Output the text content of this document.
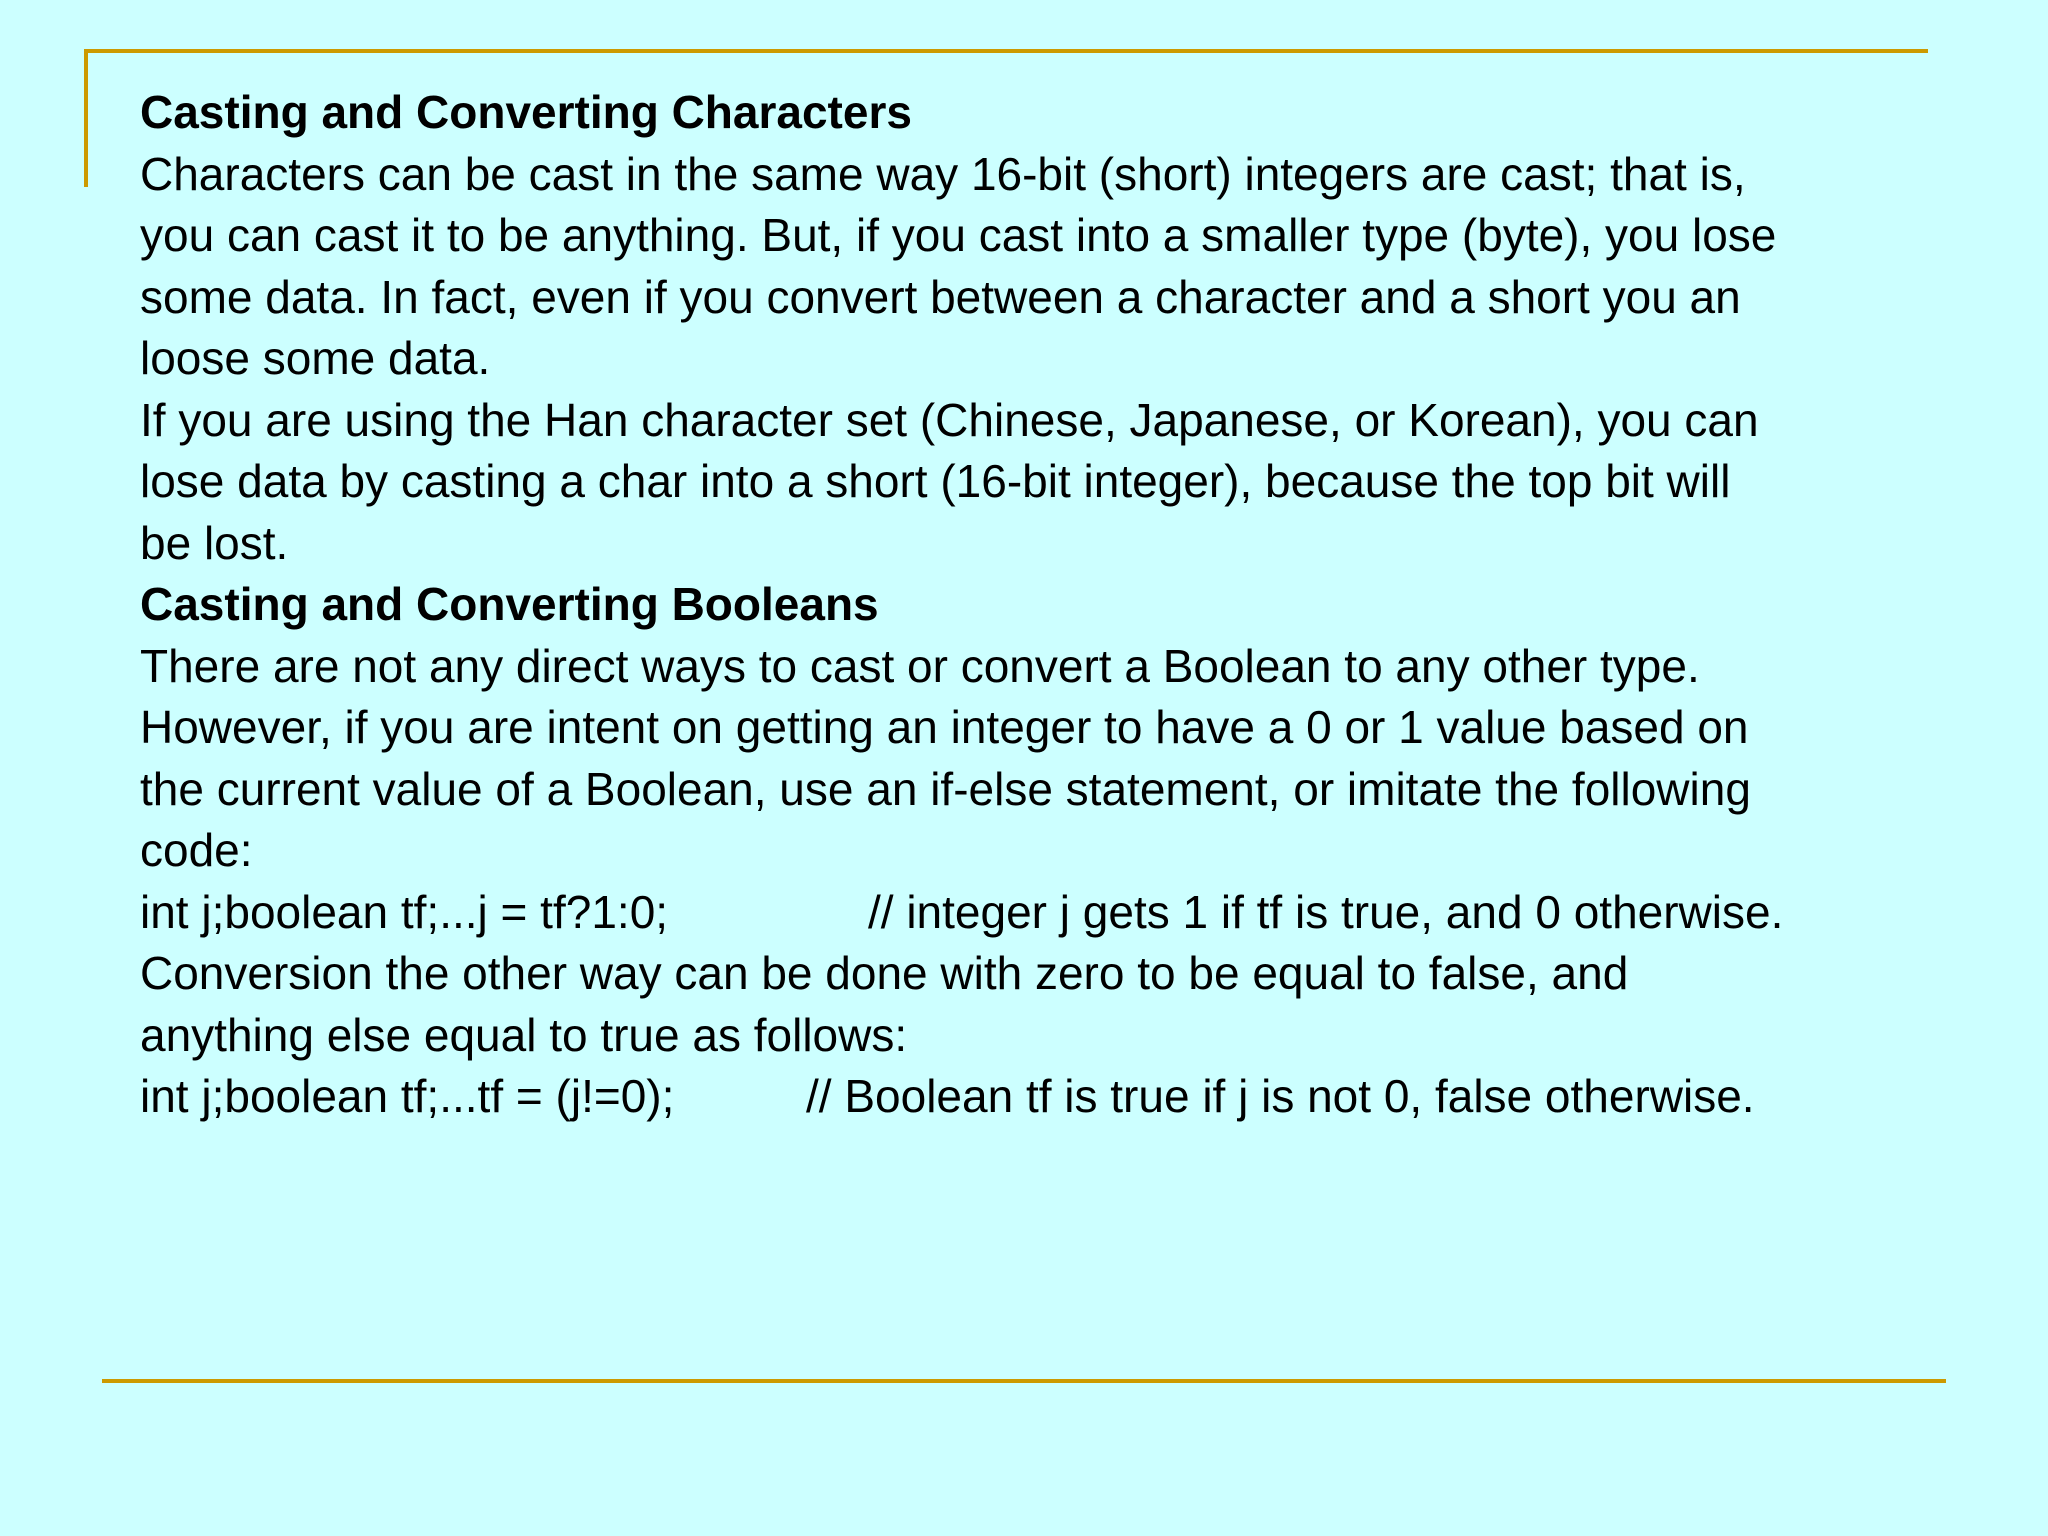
Casting and Converting Characters
Characters can be cast in the same way 16-bit (short) integers are cast; that is,
you can cast it to be anything. But, if you cast into a smaller type (byte), you lose
some data. In fact, even if you convert between a character and a short you an
loose some data.
If you are using the Han character set (Chinese, Japanese, or Korean), you can
lose data by casting a char into a short (16-bit integer), because the top bit will
be lost.
Casting and Converting Booleans
There are not any direct ways to cast or convert a Boolean to any other type.
However, if you are intent on getting an integer to have a 0 or 1 value based on
the current value of a Boolean, use an if-else statement, or imitate the following
code:
int j;boolean tf;...j = tf?1:0;	// integer j gets 1 if tf is true, and 0 otherwise.
Conversion the other way can be done with zero to be equal to false, and
anything else equal to true as follows:
int j;boolean tf;...tf = (j!=0);	// Boolean tf is true if j is not 0, false otherwise.
